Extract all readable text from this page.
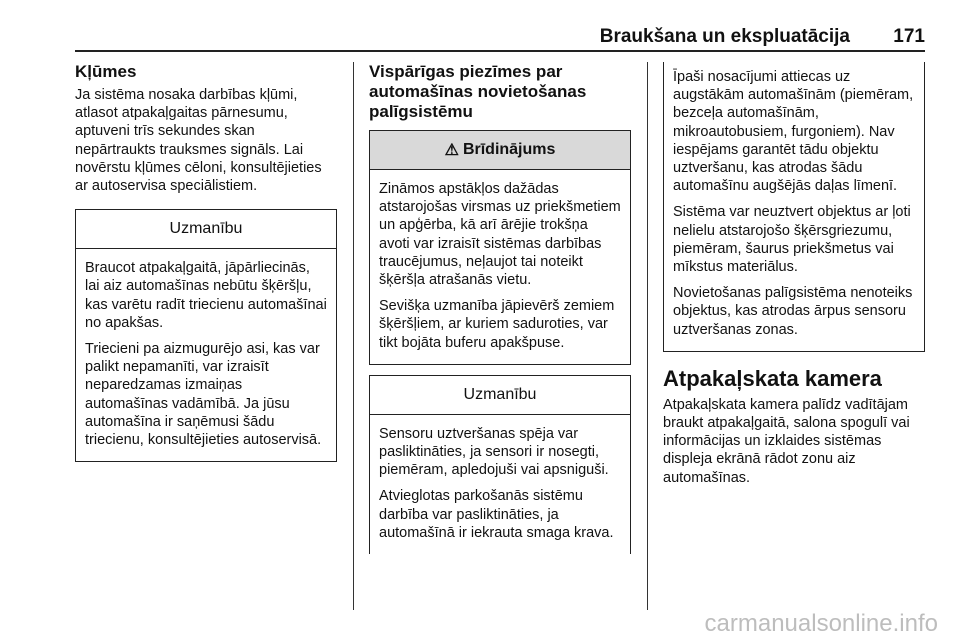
Braukšana un ekspluatācija 171
Kļūmes

Ja sistēma nosaka darbības kļūmi, atlasot atpakaļgaitas pārnesumu, aptuveni trīs sekundes skan nepārtraukts trauksmes signāls. Lai novērstu kļūmes cēloni, konsultējieties ar autoservisa speciālistiem.

Uzmanību

Braucot atpakaļgaitā, jāpārliecinās, lai aiz automašīnas nebūtu šķēršļu, kas varētu radīt triecienu automašīnai no apakšas.

Triecieni pa aizmugurējo asi, kas var palikt nepamanīti, var izraisīt neparedzamas izmaiņas automašīnas vadāmībā. Ja jūsu automašīna ir saņēmusi šādu triecienu, konsultējieties autoservisā.

Vispārīgas piezīmes par automašīnas novietošanas palīgsistēmu
⚠ Brīdinājums

Zināmos apstākļos dažādas atstarojošas virsmas uz priekšmetiem un apģērba, kā arī ārējie trokšņa avoti var izraisīt sistēmas darbības traucējumus, neļaujot tai noteikt šķēršļa atrašanās vietu.

Sevišķa uzmanība jāpievērš zemiem šķēršļiem, ar kuriem saduroties, var tikt bojāta buferu apakšpuse.

Uzmanību

Sensoru uztveršanas spēja var pasliktināties, ja sensori ir nosegti, piemēram, apledojuši vai apsniguši.

Atvieglotas parkošanās sistēmu darbība var pasliktināties, ja automašīnā ir iekrauta smaga krava.

Īpaši nosacījumi attiecas uz augstākām automašīnām (piemēram, bezceļa automašīnām, mikroautobusiem, furgoniem). Nav iespējams garantēt tādu objektu uztveršanu, kas atrodas šādu automašīnu augšējās daļas līmenī.

Sistēma var neuztvert objektus ar ļoti nelielu atstarojošo šķērsgriezumu, piemēram, šaurus priekšmetus vai mīkstus materiālus.

Novietošanas palīgsistēma nenoteiks objektus, kas atrodas ārpus sensoru uztveršanas zonas.

Atpakaļskata kamera

Atpakaļskata kamera palīdz vadītājam braukt atpakaļgaitā, salona spogulī vai informācijas un izklaides sistēmas displeja ekrānā rādot zonu aiz automašīnas.

carmanualsonline.info
